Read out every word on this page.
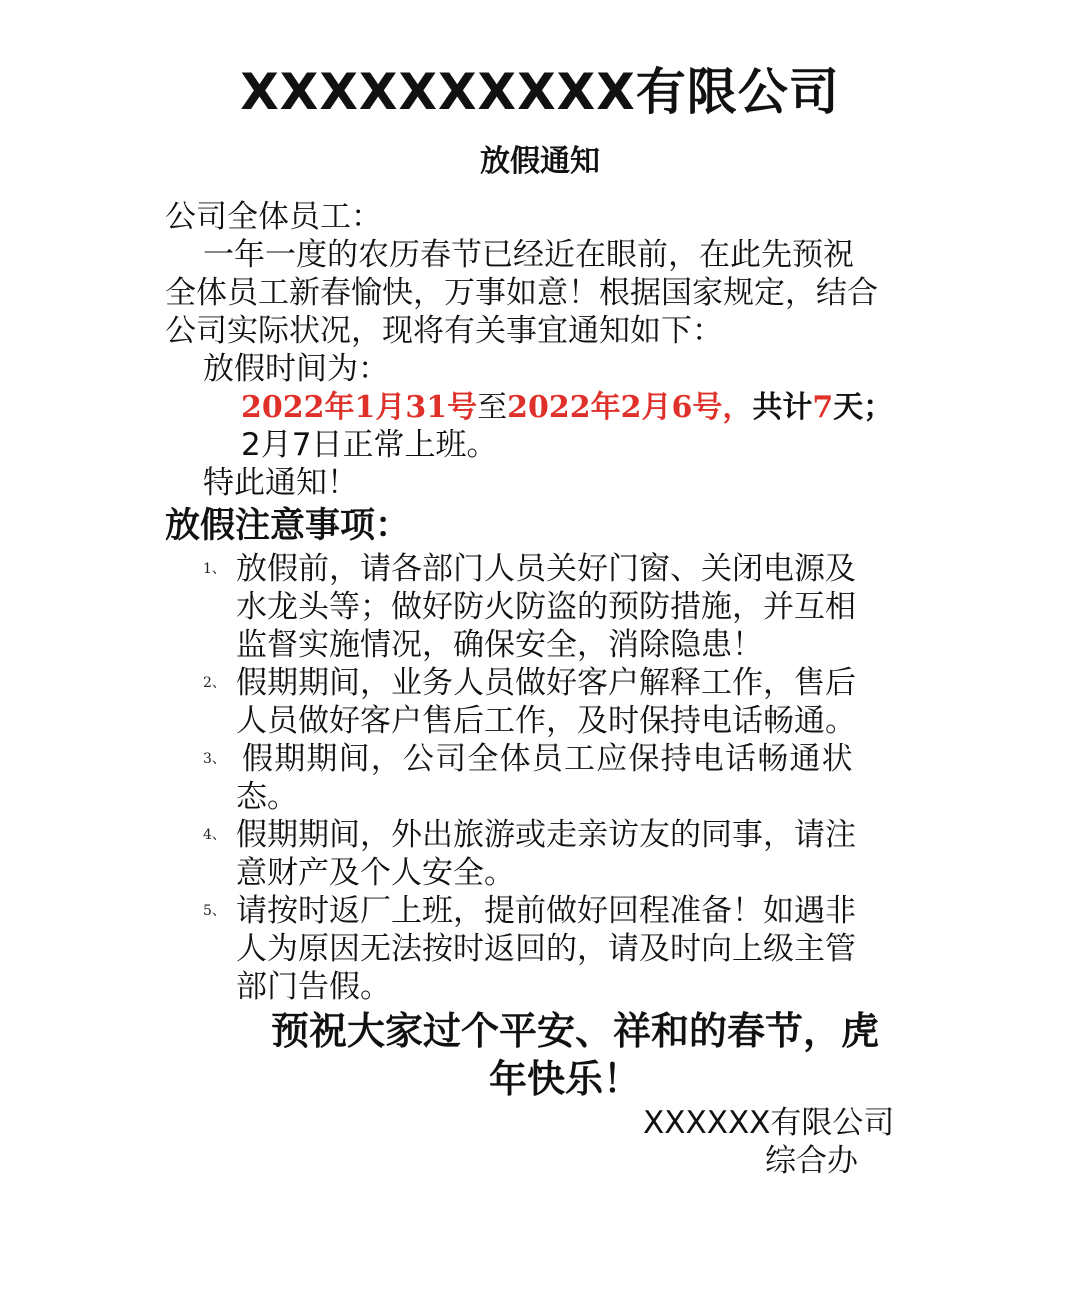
XXXXXXXXXX有限公司
放假通知
公司全体员工：
一年一度的农历春节已经近在眼前，在此先预祝
全体员工新春愉快，万事如意！根据国家规定，结合
公司实际状况，现将有关事宜通知如下：
放假时间为：
2022年1月31号至2022年2月6号，共计7天；
2月7日正常上班。
特此通知！
放假注意事项：
1、 放假前，请各部门人员关好门窗、关闭电源及
水龙头等；做好防火防盗的预防措施，并互相
监督实施情况，确保安全，消除隐患！
2、 假期期间，业务人员做好客户解释工作，售后
人员做好客户售后工作，及时保持电话畅通。
3、 假期期间，公司全体员工应保持电话畅通状
态。
4、 假期期间，外出旅游或走亲访友的同事，请注
意财产及个人安全。
5、 请按时返厂上班，提前做好回程准备！如遇非
人为原因无法按时返回的，请及时向上级主管
部门告假。
预祝大家过个平安、祥和的春节，虎
年快乐！
XXXXXX有限公司
综合办
